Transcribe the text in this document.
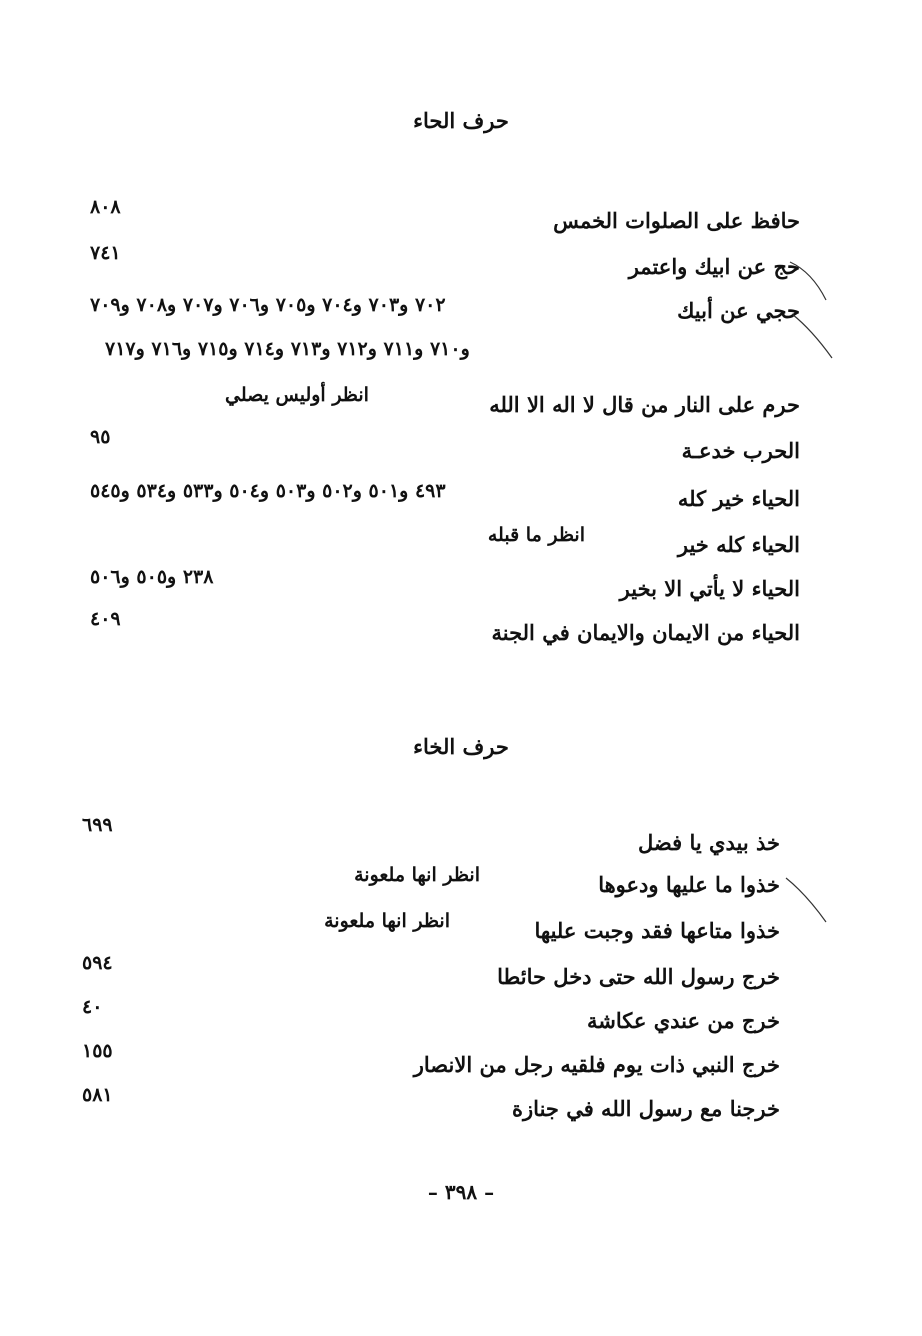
حرف الحاء
حافظ على الصلوات الخمس
٨٠٨
حج عن ابيك واعتمر
٧٤١
حجي عن أبيك
٧٠٢ و٧٠٣ و٧٠٤ و٧٠٥ و٧٠٦ و٧٠٧ و٧٠٨ و٧٠٩
و٧١٠ و٧١١ و٧١٢ و٧١٣ و٧١٤ و٧١٥ و٧١٦ و٧١٧
حرم على النار من قال لا اله الا الله
انظر أوليس يصلي
الحرب خدعـة
٩٥
الحياء خير كله
٤٩٣ و٥٠١ و٥٠٢ و٥٠٣ و٥٠٤ و٥٣٣ و٥٣٤ و٥٤٥
الحياء كله خير
انظر ما قبله
الحياء لا يأتي الا بخير
٢٣٨ و٥٠٥ و٥٠٦
الحياء من الايمان والايمان في الجنة
٤٠٩
حرف الخاء
خذ بيدي يا فضل
٦٩٩
خذوا ما عليها ودعوها
انظر انها ملعونة
خذوا متاعها فقد وجبت عليها
انظر انها ملعونة
خرج رسول الله حتى دخل حائطا
٥٩٤
خرج من عندي عكاشة
٤٠
خرج النبي ذات يوم فلقيه رجل من الانصار
١٥٥
خرجنا مع رسول الله في جنازة
٥٨١
– ٣٩٨ –
